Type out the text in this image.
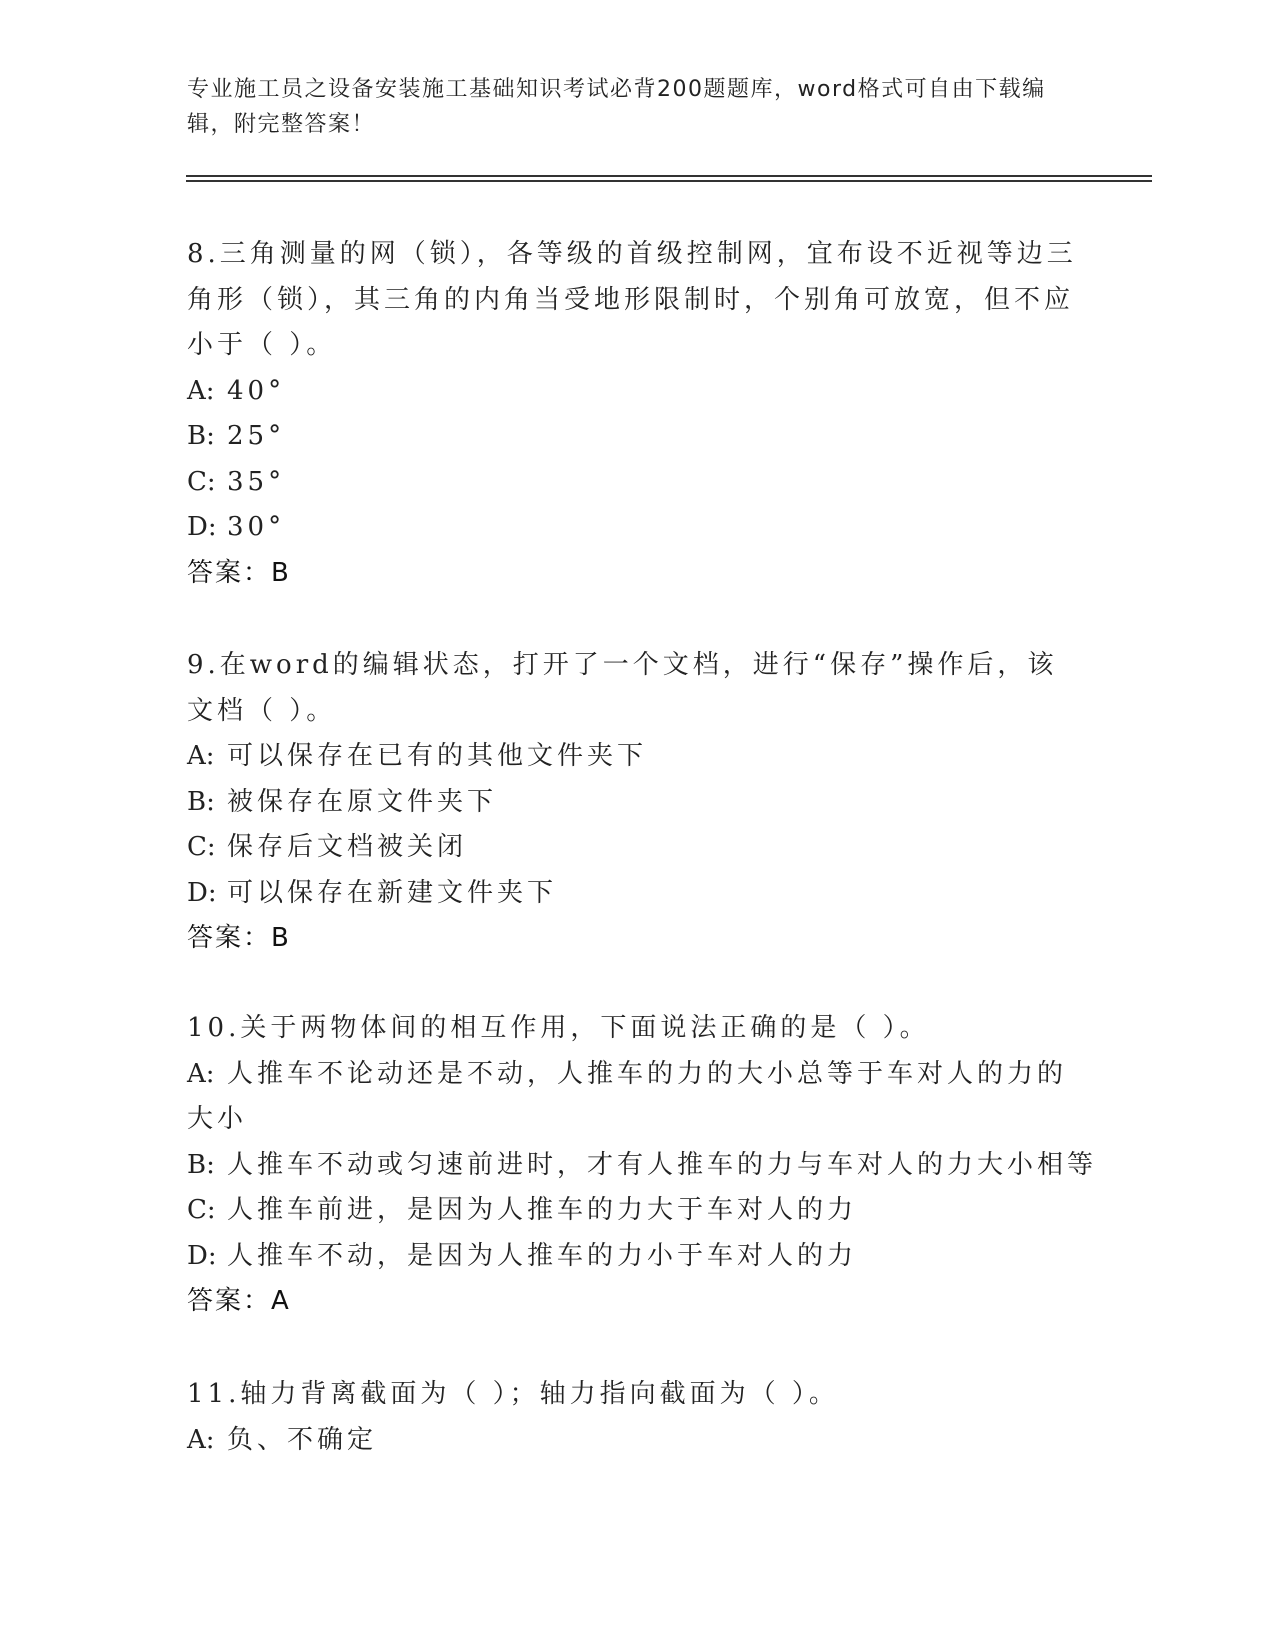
专业施工员之设备安装施工基础知识考试必背200题题库，word格式可自由下载编辑，附完整答案！

8.三角测量的网（锁），各等级的首级控制网，宜布设不近视等边三角形（锁），其三角的内角当受地形限制时，个别角可放宽，但不应小于（ ）。

A: 40°

B: 25°

C: 35°

D: 30°

答案：B

9.在word的编辑状态，打开了一个文档，进行“保存”操作后，该文档（ ）。

A: 可以保存在已有的其他文件夹下

B: 被保存在原文件夹下

C: 保存后文档被关闭

D: 可以保存在新建文件夹下

答案：B

10.关于两物体间的相互作用，下面说法正确的是（ ）。

A: 人推车不论动还是不动，人推车的力的大小总等于车对人的力的大小

B: 人推车不动或匀速前进时，才有人推车的力与车对人的力大小相等

C: 人推车前进，是因为人推车的力大于车对人的力

D: 人推车不动，是因为人推车的力小于车对人的力

答案：A

11.轴力背离截面为（ ）；轴力指向截面为（ ）。

A: 负、不确定
